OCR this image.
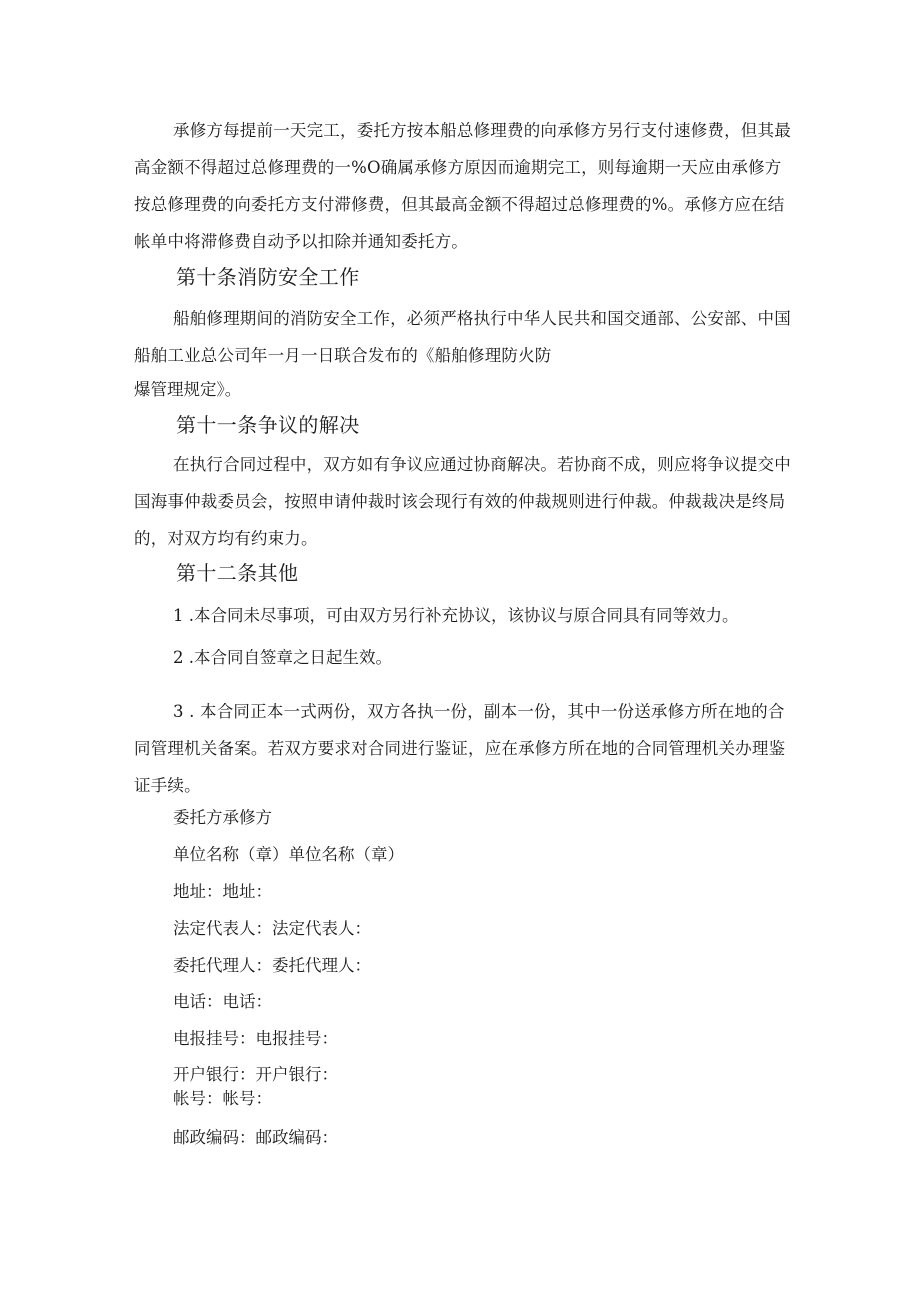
承修方每提前一天完工，委托方按本船总修理费的向承修方另行支付速修费，但其最高金额不得超过总修理费的一%O确属承修方原因而逾期完工，则每逾期一天应由承修方按总修理费的向委托方支付滞修费，但其最高金额不得超过总修理费的%。承修方应在结帐单中将滞修费自动予以扣除并通知委托方。

第十条消防安全工作

船舶修理期间的消防安全工作，必须严格执行中华人民共和国交通部、公安部、中国船舶工业总公司年一月一日联合发布的《船舶修理防火防

爆管理规定》。

第十一条争议的解决

在执行合同过程中，双方如有争议应通过协商解决。若协商不成，则应将争议提交中国海事仲裁委员会，按照申请仲裁时该会现行有效的仲裁规则进行仲裁。仲裁裁决是终局的，对双方均有约束力。

第十二条其他

1 .本合同未尽事项，可由双方另行补充协议，该协议与原合同具有同等效力。

2 .本合同自签章之日起生效。

3 . 本合同正本一式两份，双方各执一份，副本一份，其中一份送承修方所在地的合同管理机关备案。若双方要求对合同进行鉴证，应在承修方所在地的合同管理机关办理鉴证手续。

委托方承修方

单位名称（章）单位名称（章）

地址：地址：

法定代表人：法定代表人：

委托代理人：委托代理人：

电话：电话：

电报挂号：电报挂号：

开户银行：开户银行：

帐号：帐号：

邮政编码：邮政编码：
